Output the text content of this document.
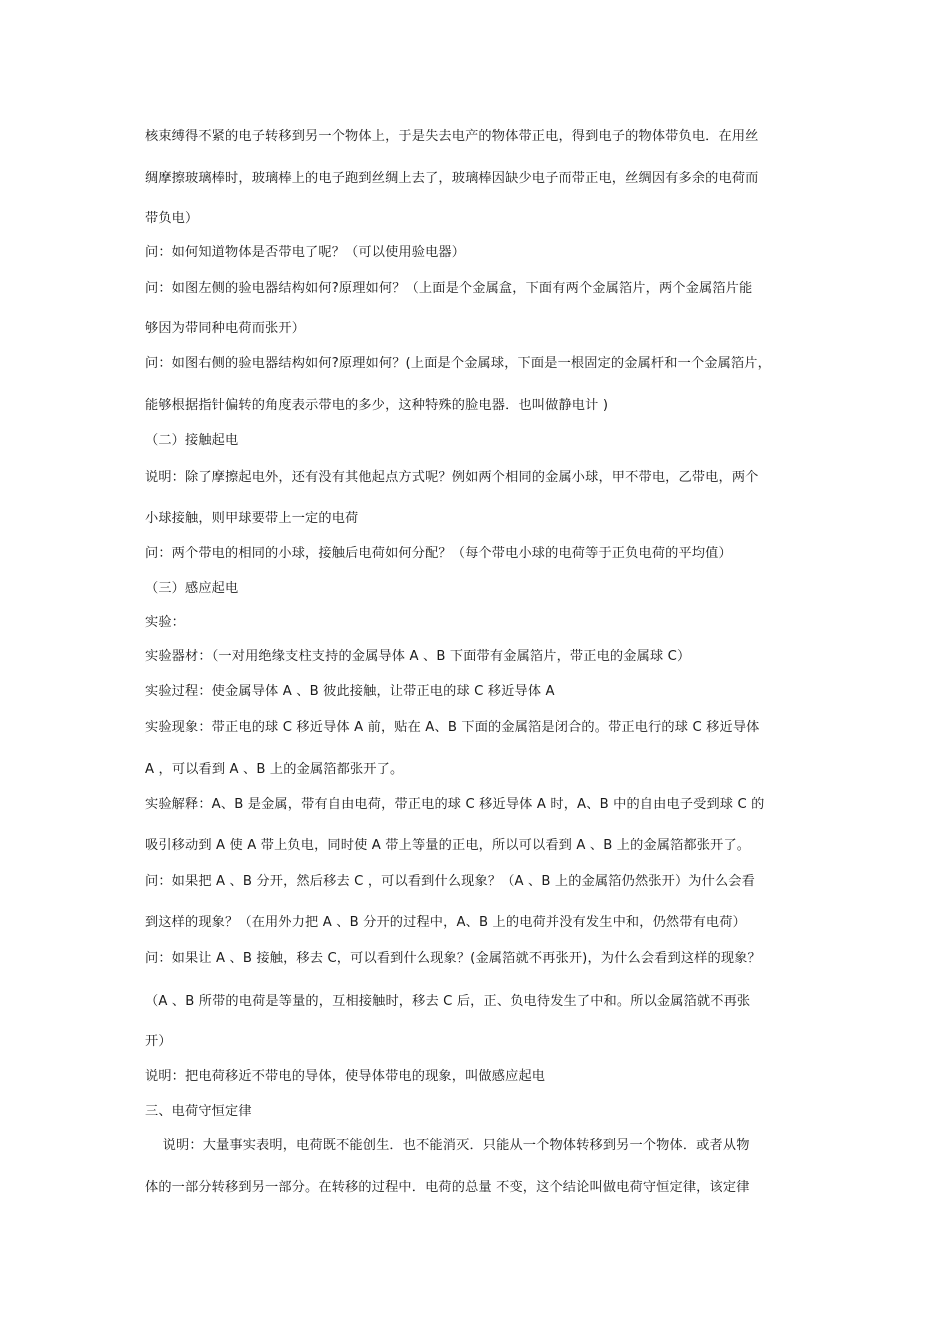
核束缚得不紧的电子转移到另一个物体上，于是失去电产的物体带正电，得到电子的物体带负电．在用丝
绸摩擦玻璃棒时，玻璃棒上的电子跑到丝绸上去了，玻璃棒因缺少电子而带正电，丝绸因有多余的电荷而
带负电）
问：如何知道物体是否带电了呢？（可以使用验电器）
问：如图左侧的验电器结构如何?原理如何？（上面是个金属盒，下面有两个金属箔片，两个金属箔片能
够因为带同种电荷而张开）
问：如图右侧的验电器结构如何?原理如何？(上面是个金属球，下面是一根固定的金属杆和一个金属箔片，
能够根据指针偏转的角度表示带电的多少，这种特殊的脸电器．也叫做静电计 )
（二）接触起电
说明：除了摩擦起电外，还有没有其他起点方式呢？例如两个相同的金属小球，甲不带电，乙带电，两个
小球接触，则甲球要带上一定的电荷
问：两个带电的相同的小球，接触后电荷如何分配？（每个带电小球的电荷等于正负电荷的平均值）
（三）感应起电
实验：
实验器材：（一对用绝缘支柱支持的金属导体 A 、B 下面带有金属箔片，带正电的金属球 C）
实验过程：使金属导体 A 、B 彼此接触，让带正电的球 C 移近导体 A
实验现象：带正电的球 C 移近导体 A 前，贴在 A、B 下面的金属箔是闭合的。带正电行的球 C 移近导体
A ，可以看到 A 、B 上的金属箔都张开了。
实验解释：A、B 是金属，带有自由电荷，带正电的球 C 移近导体 A 时，A、B 中的自由电子受到球 C 的
吸引移动到 A 使 A 带上负电，同时使 A 带上等量的正电，所以可以看到 A 、B 上的金属箔都张开了。
问：如果把 A 、B 分开，然后移去 C ，可以看到什么现象？（A 、B 上的金属箔仍然张开）为什么会看
到这样的现象？（在用外力把 A 、B 分开的过程中，A、B 上的电荷并没有发生中和，仍然带有电荷）
问：如果让 A 、B 接触，移去 C，可以看到什么现象？(金属箔就不再张开)，为什么会看到这样的现象？
（A 、B 所带的电荷是等量的，互相接触时，移去 C 后，正、负电待发生了中和。所以金属箔就不再张
开）
说明：把电荷移近不带电的导体，使导体带电的现象，叫做感应起电
三、电荷守恒定律
　 说明：大量事实表明，电荷既不能创生．也不能消灭．只能从一个物体转移到另一个物体．或者从物
体的一部分转移到另一部分。在转移的过程中．电荷的总量 不变，这个结论叫做电荷守恒定律，该定律
